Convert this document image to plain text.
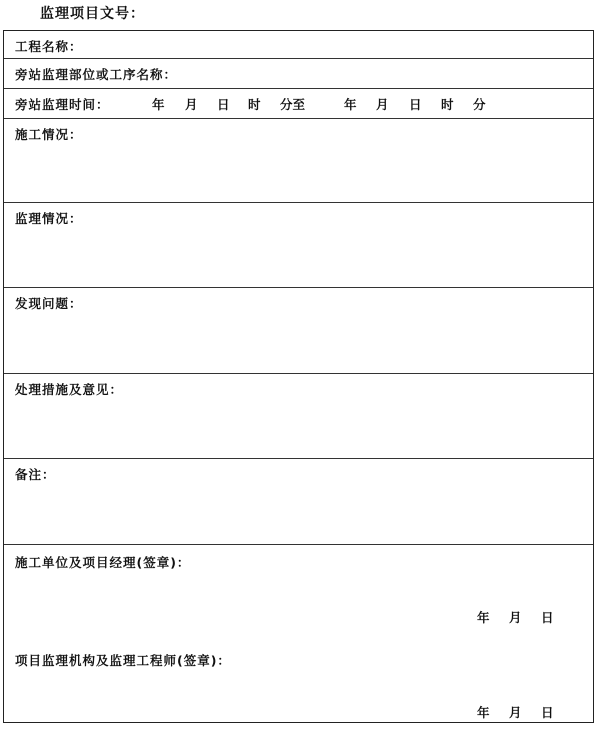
监理项目文号：
工程名称：
旁站监理部位或工序名称：
旁站监理时间：	年 月 日 时 分至	年 月 日 时 分
施工情况：
监理情况：
发现问题：
处理措施及意见：
备注：
施工单位及项目经理(签章)：
年 月 日
项目监理机构及监理工程师(签章)：
年 月 日
